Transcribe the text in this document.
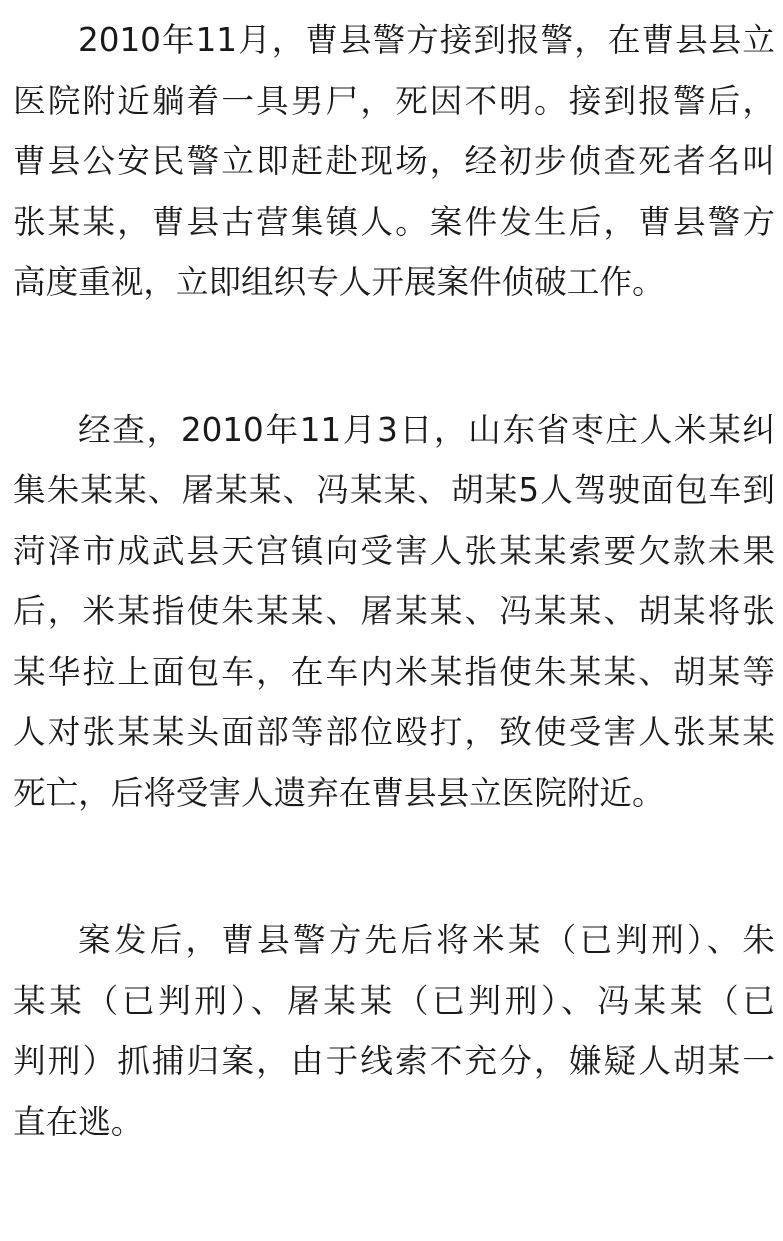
2010年11月，曹县警方接到报警，在曹县县立
医院附近躺着一具男尸，死因不明。接到报警后，
曹县公安民警立即赶赴现场，经初步侦查死者名叫
张某某，曹县古营集镇人。案件发生后，曹县警方
高度重视，立即组织专人开展案件侦破工作。
经查，2010年11月3日，山东省枣庄人米某纠
集朱某某、屠某某、冯某某、胡某5人驾驶面包车到
菏泽市成武县天宫镇向受害人张某某索要欠款未果
后，米某指使朱某某、屠某某、冯某某、胡某将张
某华拉上面包车，在车内米某指使朱某某、胡某等
人对张某某头面部等部位殴打，致使受害人张某某
死亡，后将受害人遗弃在曹县县立医院附近。
案发后，曹县警方先后将米某（已判刑）、朱
某某（已判刑）、屠某某（已判刑）、冯某某（已
判刑）抓捕归案，由于线索不充分，嫌疑人胡某一
直在逃。
